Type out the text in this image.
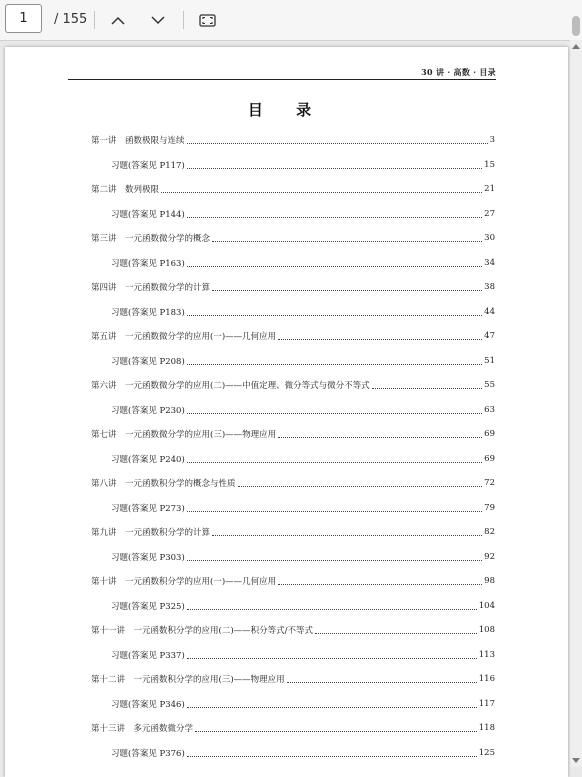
1	/ 155
30 讲 · 高数 · 目录
目 录
第一讲　函数极限与连续	3
习题(答案见 P117)	15
第二讲　数列极限	21
习题(答案见 P144)	27
第三讲　一元函数微分学的概念	30
习题(答案见 P163)	34
第四讲　一元函数微分学的计算	38
习题(答案见 P183)	44
第五讲　一元函数微分学的应用(一)——几何应用	47
习题(答案见 P208)	51
第六讲　一元函数微分学的应用(二)——中值定理、微分等式与微分不等式	55
习题(答案见 P230)	63
第七讲　一元函数微分学的应用(三)——物理应用	69
习题(答案见 P240)	69
第八讲　一元函数积分学的概念与性质	72
习题(答案见 P273)	79
第九讲　一元函数积分学的计算	82
习题(答案见 P303)	92
第十讲　一元函数积分学的应用(一)——几何应用	98
习题(答案见 P325)	104
第十一讲　一元函数积分学的应用(二)——积分等式/不等式	108
习题(答案见 P337)	113
第十二讲　一元函数积分学的应用(三)——物理应用	116
习题(答案见 P346)	117
第十三讲　多元函数微分学	118
习题(答案见 P376)	125
